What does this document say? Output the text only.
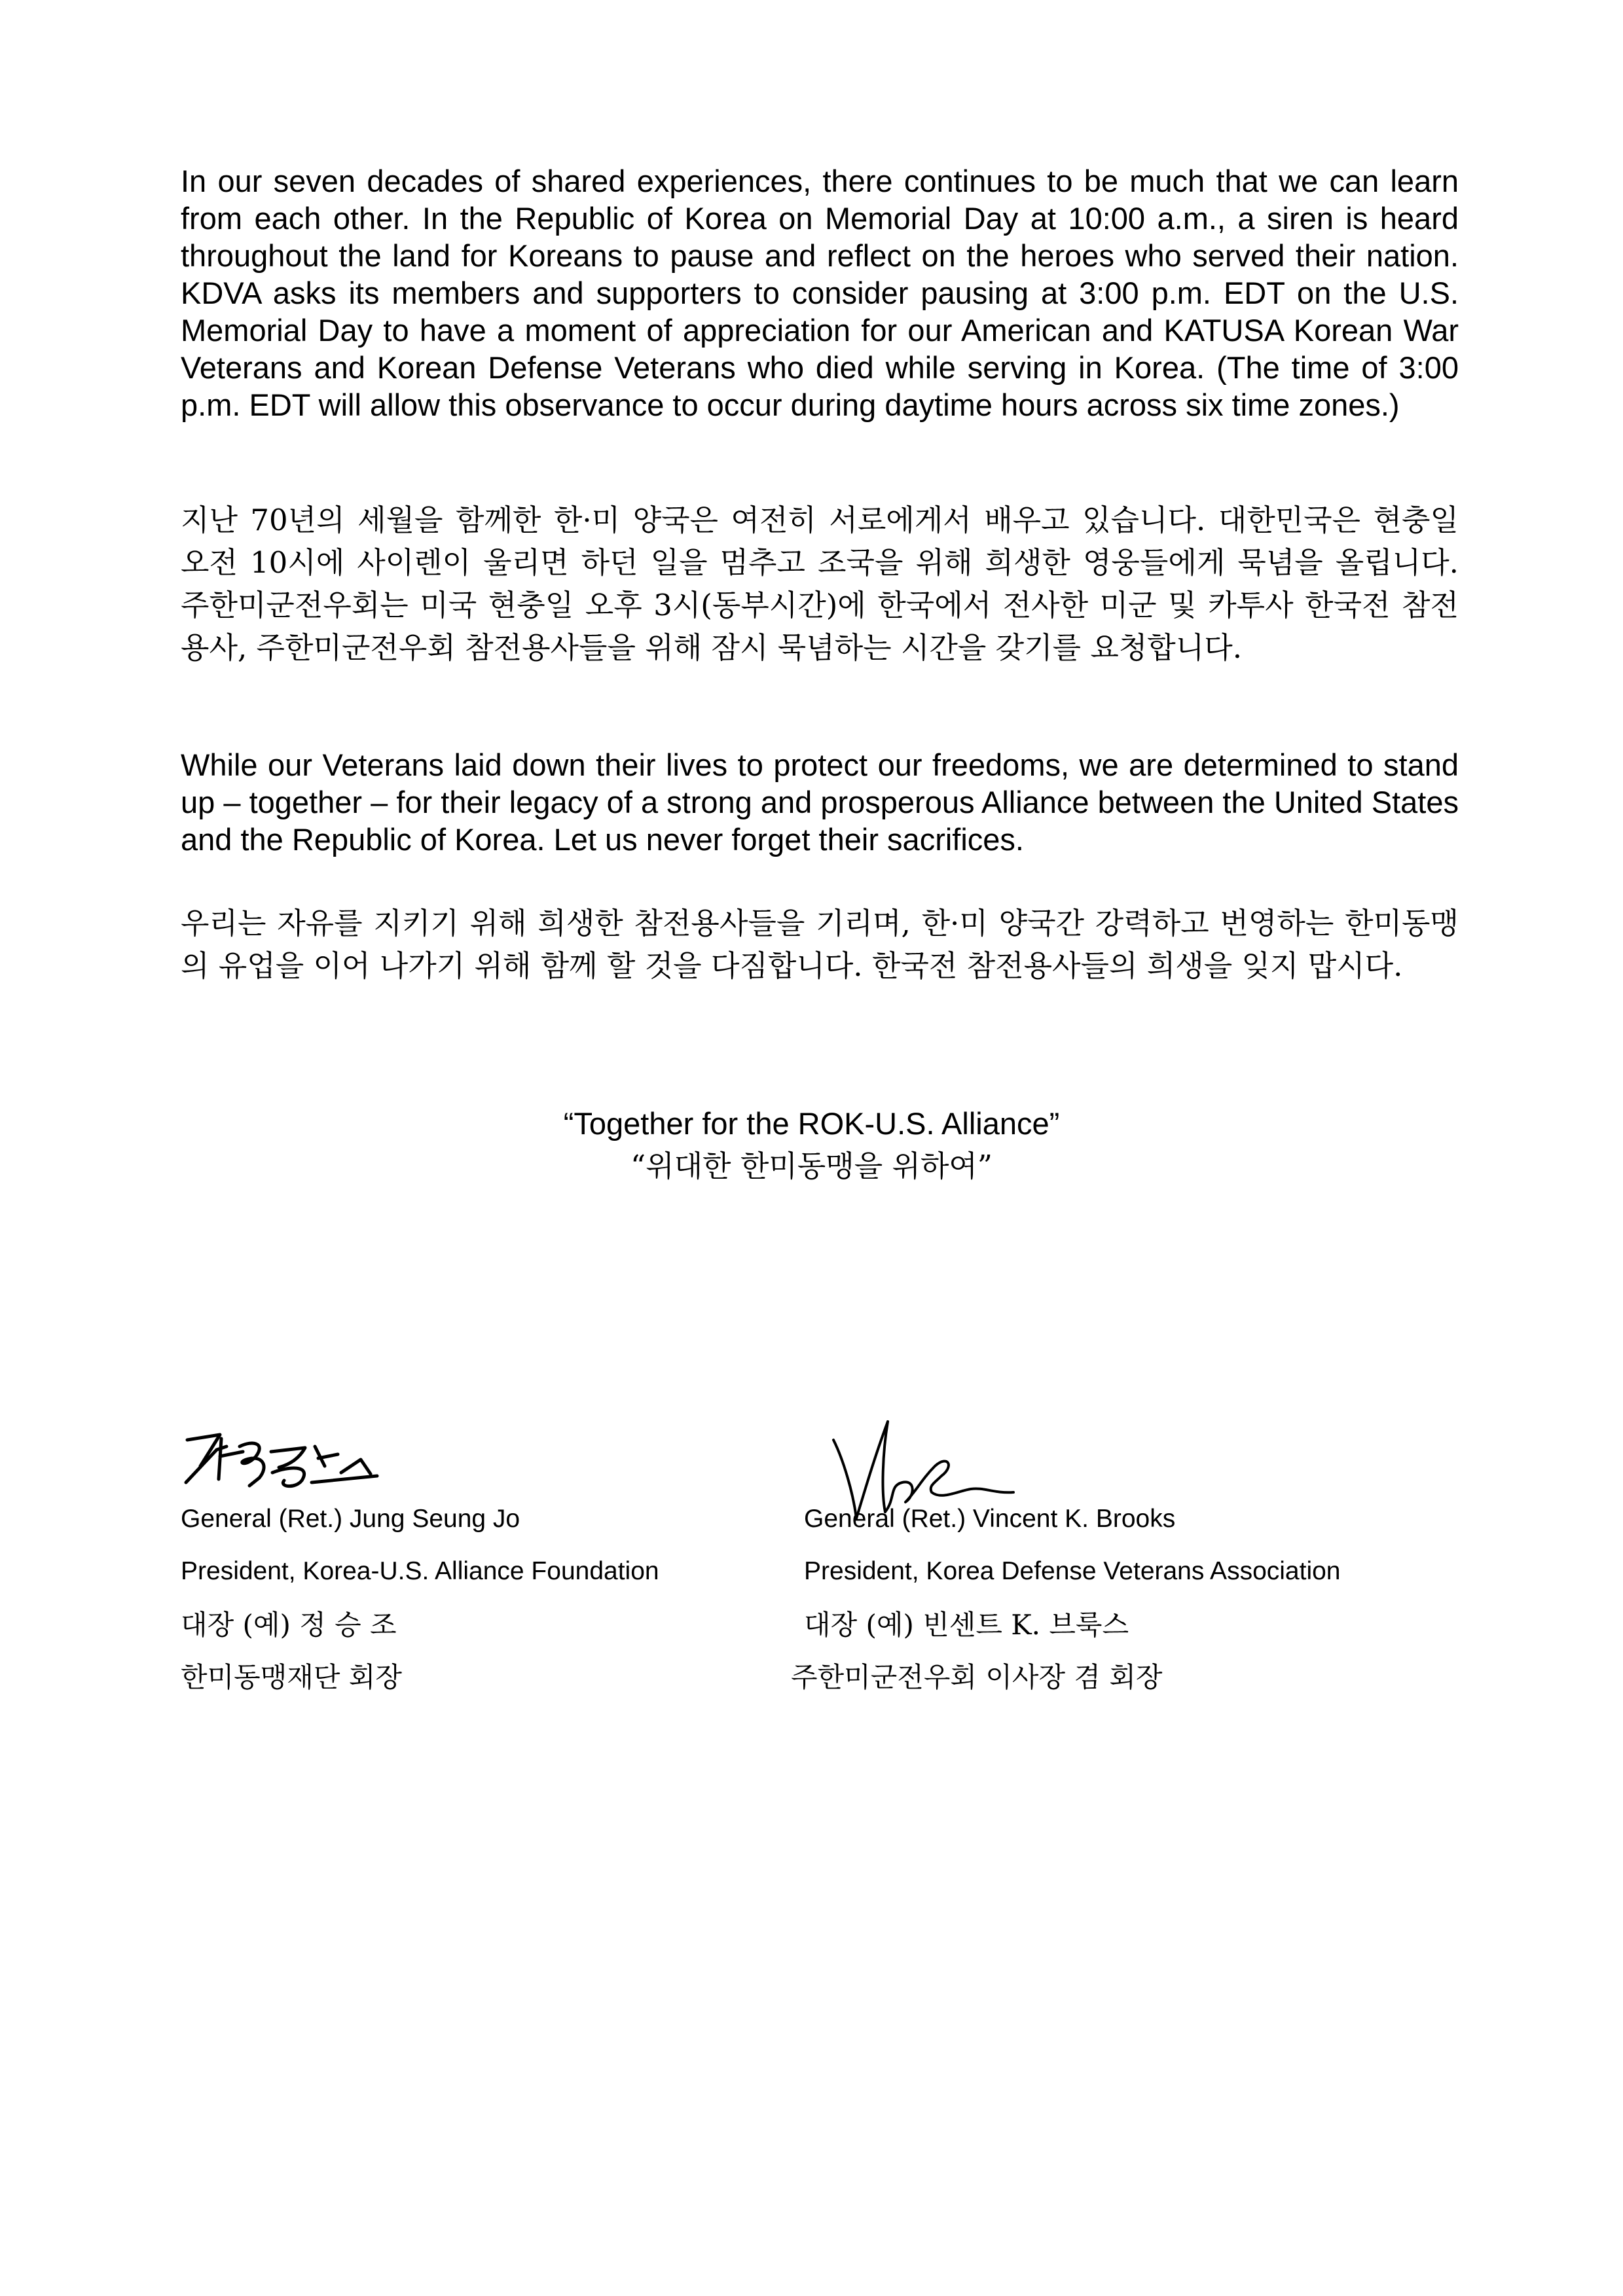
In our seven decades of shared experiences, there continues to be much that we can learn from each other. In the Republic of Korea on Memorial Day at 10:00 a.m., a siren is heard throughout the land for Koreans to pause and reflect on the heroes who served their nation. KDVA asks its members and supporters to consider pausing at 3:00 p.m. EDT on the U.S. Memorial Day to have a moment of appreciation for our American and KATUSA Korean War Veterans and Korean Defense Veterans who died while serving in Korea. (The time of 3:00 p.m. EDT will allow this observance to occur during daytime hours across six time zones.)

지난 70년의 세월을 함께한 한·미 양국은 여전히 서로에게서 배우고 있습니다. 대한민국은 현충일 오전 10시에 사이렌이 울리면 하던 일을 멈추고 조국을 위해 희생한 영웅들에게 묵념을 올립니다. 주한미군전우회는 미국 현충일 오후 3시(동부시간)에 한국에서 전사한 미군 및 카투사 한국전 참전용사, 주한미군전우회 참전용사들을 위해 잠시 묵념하는 시간을 갖기를 요청합니다.

While our Veterans laid down their lives to protect our freedoms, we are determined to stand up – together – for their legacy of a strong and prosperous Alliance between the United States and the Republic of Korea. Let us never forget their sacrifices.

우리는 자유를 지키기 위해 희생한 참전용사들을 기리며, 한·미 양국간 강력하고 번영하는 한미동맹의 유업을 이어 나가기 위해 함께 할 것을 다짐합니다. 한국전 참전용사들의 희생을 잊지 맙시다.

“Together for the ROK-U.S. Alliance”

“위대한 한미동맹을 위하여”

General (Ret.) Jung Seung Jo

President, Korea-U.S. Alliance Foundation

대장 (예) 정 승 조

한미동맹재단 회장

General (Ret.) Vincent K. Brooks

President, Korea Defense Veterans Association

대장 (예) 빈센트 K. 브룩스

주한미군전우회 이사장 겸 회장
